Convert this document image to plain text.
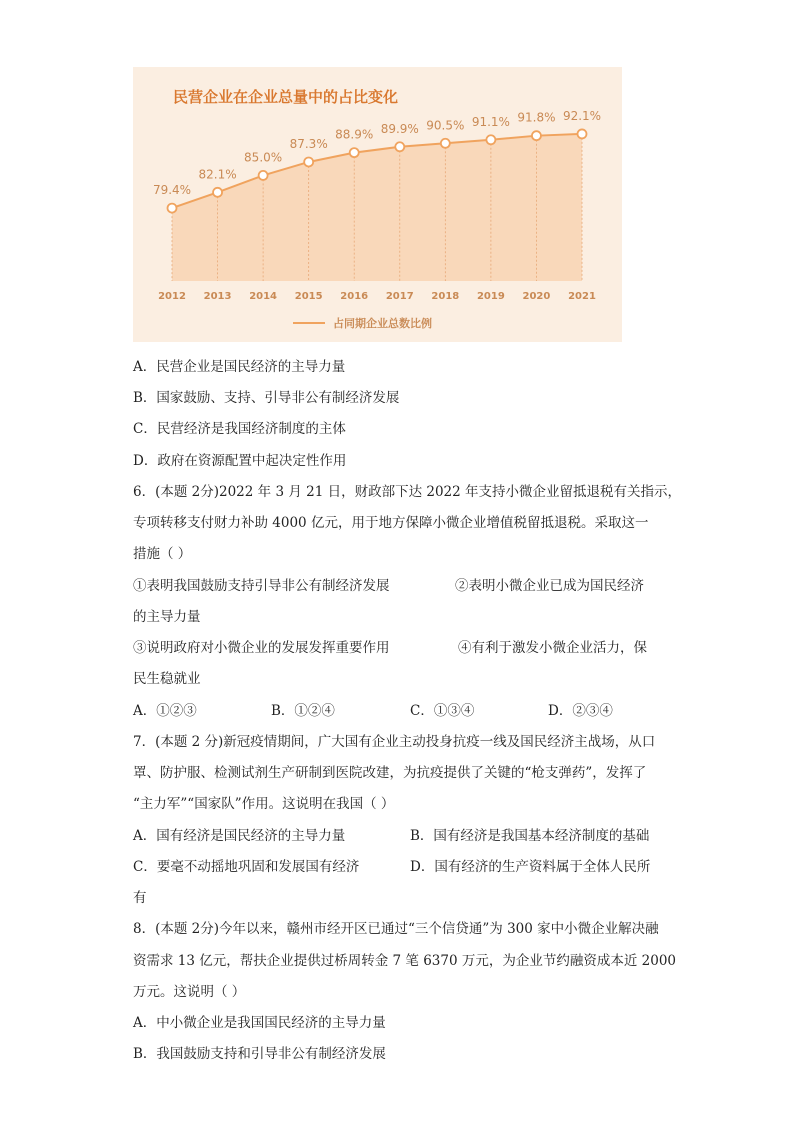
民营企业在企业总量中的占比变化
79.4%
82.1%
85.0%
87.3%
88.9% 89.9% 90.5% 91.1% 91.8% 92.1%
2012 2013 2014 2015 2016 2017 2018 2019 2020 2021
占同期企业总数比例
A．民营企业是国民经济的主导力量
B．国家鼓励、支持、引导非公有制经济发展
C．民营经济是我国经济制度的主体
D．政府在资源配置中起决定性作用
6．(本题 2分)2022 年 3 月 21 日，财政部下达 2022 年支持小微企业留抵退税有关指示，
专项转移支付财力补助 4000 亿元，用于地方保障小微企业增值税留抵退税。采取这一
措施（ ）
①表明我国鼓励支持引导非公有制经济发展	②表明小微企业已成为国民经济
的主导力量
③说明政府对小微企业的发展发挥重要作用	④有利于激发小微企业活力，保
民生稳就业
A．①②③	B．①②④	C．①③④	D．②③④
7．(本题 2 分)新冠疫情期间，广大国有企业主动投身抗疫一线及国民经济主战场，从口
罩、防护服、检测试剂生产研制到医院改建，为抗疫提供了关键的“枪支弹药”，发挥了
“主力军”“国家队”作用。这说明在我国（ ）
A．国有经济是国民经济的主导力量	B．国有经济是我国基本经济制度的基础
C．要毫不动摇地巩固和发展国有经济	D．国有经济的生产资料属于全体人民所
有
8．(本题 2分)今年以来，赣州市经开区已通过“三个信贷通”为 300 家中小微企业解决融
资需求 13 亿元，帮扶企业提供过桥周转金 7 笔 6370 万元，为企业节约融资成本近 2000
万元。这说明（ ）
A．中小微企业是我国国民经济的主导力量
B．我国鼓励支持和引导非公有制经济发展
